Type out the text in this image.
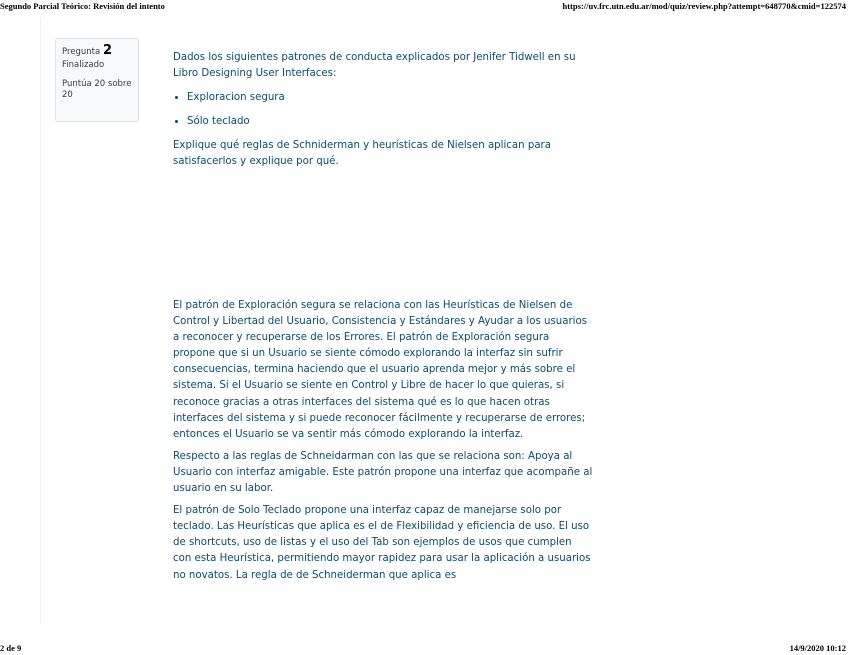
Segundo Parcial Teórico: Revisión del intento	https://uv.frc.utn.edu.ar/mod/quiz/review.php?attempt=648770&cmid=122574
Pregunta 2
Finalizado
Puntúa 20 sobre 20

Dados los siguientes patrones de conducta explicados por Jenifer Tidwell en su Libro Designing User Interfaces:

• Exploracion segura
• Sólo teclado

Explique qué reglas de Schniderman y heurísticas de Nielsen aplican para satisfacerlos y explique por qué.

El patrón de Exploración segura se relaciona con las Heurísticas de Nielsen de Control y Libertad del Usuario, Consistencia y Estándares y Ayudar a los usuarios a reconocer y recuperarse de los Errores. El patrón de Exploración segura propone que si un Usuario se siente cómodo explorando la interfaz sin sufrir consecuencias, termina haciendo que el usuario aprenda mejor y más sobre el sistema. Si el Usuario se siente en Control y Libre de hacer lo que quieras, si reconoce gracias a otras interfaces del sistema qué es lo que hacen otras interfaces del sistema y si puede reconocer fácilmente y recuperarse de errores; entonces el Usuario se va sentir más cómodo explorando la interfaz.

Respecto a las reglas de Schneidarman con las que se relaciona son: Apoya al Usuario con interfaz amigable. Este patrón propone una interfaz que acompañe al usuario en su labor.

El patrón de Solo Teclado propone una interfaz capaz de manejarse solo por teclado. Las Heurísticas que aplica es el de Flexibilidad y eficiencia de uso. El uso de shortcuts, uso de listas y el uso del Tab son ejemplos de usos que cumplen con esta Heurística, permitiendo mayor rapidez para usar la aplicación a usuarios no novatos. La regla de de Schneiderman que aplica es

2 de 9	14/9/2020 10:12
